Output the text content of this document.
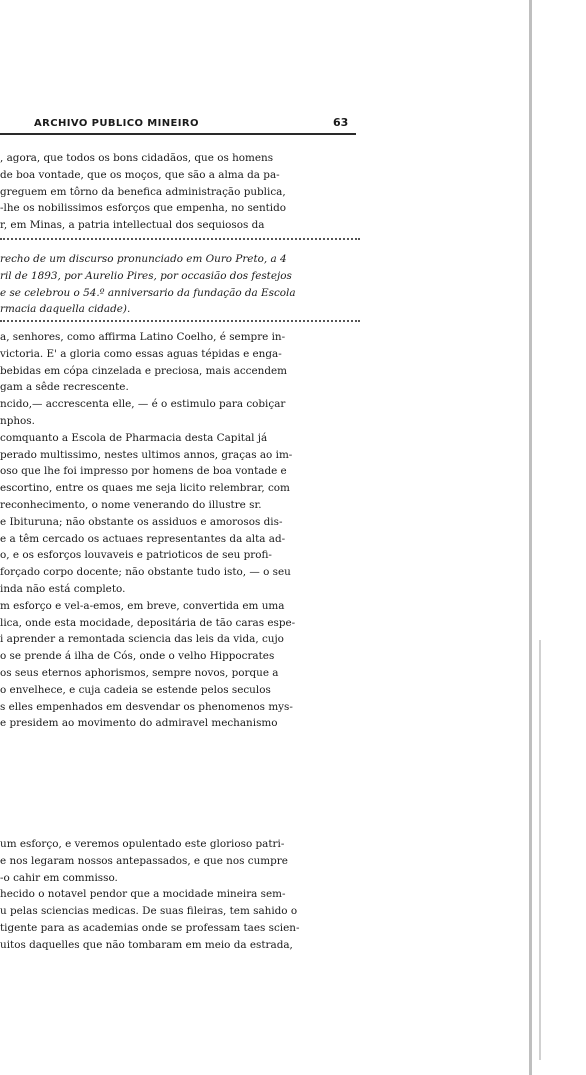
ARCHIVO PUBLICO MINEIRO	63
, agora, que todos os bons cidadãos, que os homens
de boa vontade, que os moços, que são a alma da pa-
greguem em tôrno da benefica administração publica,
-lhe os nobilissimos esforços que empenha, no sentido
r, em Minas, a patria intellectual dos sequiosos da
recho de um discurso pronunciado em Ouro Preto, a 4
ril de 1893, por Aurelio Pires, por occasião dos festejos
e se celebrou o 54.º anniversario da fundação da Escola
rmacia daquella cidade).
a, senhores, como affirma Latino Coelho, é sempre in-
victoria. E' a gloria como essas aguas tépidas e enga-
bebidas em cópa cinzelada e preciosa, mais accendem
gam a sêde recrescente.
ncido,— accrescenta elle, — é o estimulo para cobiçar
nphos.
comquanto a Escola de Pharmacia desta Capital já
perado multissimo, nestes ultimos annos, graças ao im-
oso que lhe foi impresso por homens de boa vontade e
escortino, entre os quaes me seja licito relembrar, com
reconhecimento, o nome venerando do illustre sr.
e Ibituruna; não obstante os assiduos e amorosos dis-
e a têm cercado os actuaes representantes da alta ad-
o, e os esforços louvaveis e patrioticos de seu profi-
forçado corpo docente; não obstante tudo isto, — o seu
inda não está completo.
m esforço e vel-a-emos, em breve, convertida em uma
lica, onde esta mocidade, depositária de tão caras espe-
i aprender a remontada sciencia das leis da vida, cujo
o se prende á ilha de Cós, onde o velho Hippocrates
os seus eternos aphorismos, sempre novos, porque a
o envelhece, e cuja cadeia se estende pelos seculos
s elles empenhados em desvendar os phenomenos mys-
e presidem ao movimento do admiravel mechanismo
um esforço, e veremos opulentado este glorioso patri-
e nos legaram nossos antepassados, e que nos cumpre
-o cahir em commisso.
hecido o notavel pendor que a mocidade mineira sem-
u pelas sciencias medicas. De suas fileiras, tem sahido o
tigente para as academias onde se professam taes scien-
uitos daquelles que não tombaram em meio da estrada,
